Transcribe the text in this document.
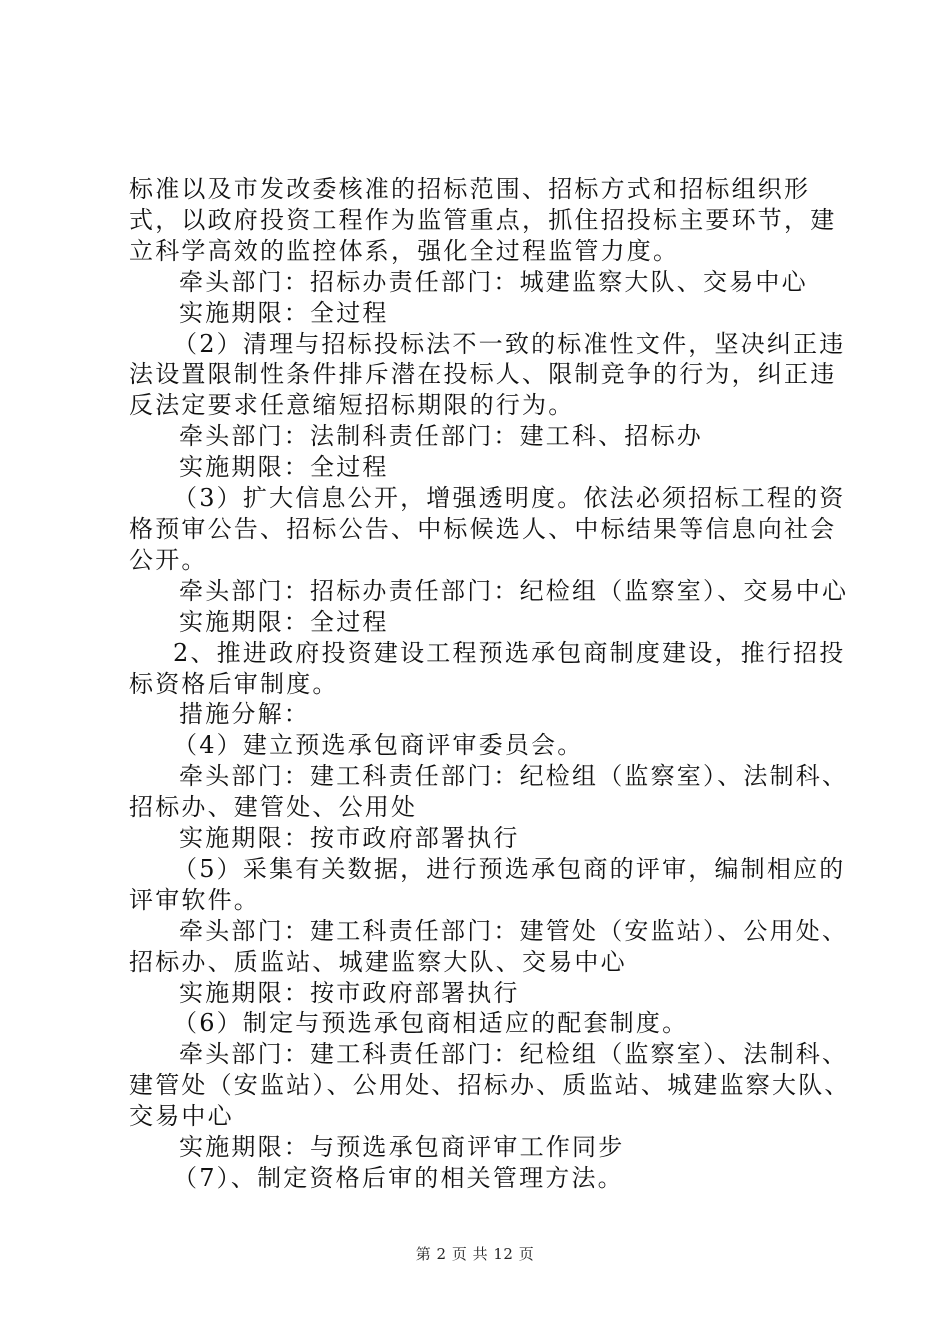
标准以及市发改委核准的招标范围、招标方式和招标组织形式，以政府投资工程作为监管重点，抓住招投标主要环节，建立科学高效的监控体系，强化全过程监管力度。

牵头部门：招标办责任部门：城建监察大队、交易中心

实施期限：全过程

（2）清理与招标投标法不一致的标准性文件，坚决纠正违法设置限制性条件排斥潜在投标人、限制竞争的行为，纠正违反法定要求任意缩短招标期限的行为。

牵头部门：法制科责任部门：建工科、招标办

实施期限：全过程

（3）扩大信息公开，增强透明度。依法必须招标工程的资格预审公告、招标公告、中标候选人、中标结果等信息向社会公开。

牵头部门：招标办责任部门：纪检组（监察室）、交易中心

实施期限：全过程

2、推进政府投资建设工程预选承包商制度建设，推行招投标资格后审制度。

措施分解：

（4）建立预选承包商评审委员会。

牵头部门：建工科责任部门：纪检组（监察室）、法制科、招标办、建管处、公用处

实施期限：按市政府部署执行

（5）采集有关数据，进行预选承包商的评审，编制相应的评审软件。

牵头部门：建工科责任部门：建管处（安监站）、公用处、招标办、质监站、城建监察大队、交易中心

实施期限：按市政府部署执行

（6）制定与预选承包商相适应的配套制度。

牵头部门：建工科责任部门：纪检组（监察室）、法制科、建管处（安监站）、公用处、招标办、质监站、城建监察大队、交易中心

实施期限：与预选承包商评审工作同步

（7）、制定资格后审的相关管理方法。

第 2 页 共 12 页
